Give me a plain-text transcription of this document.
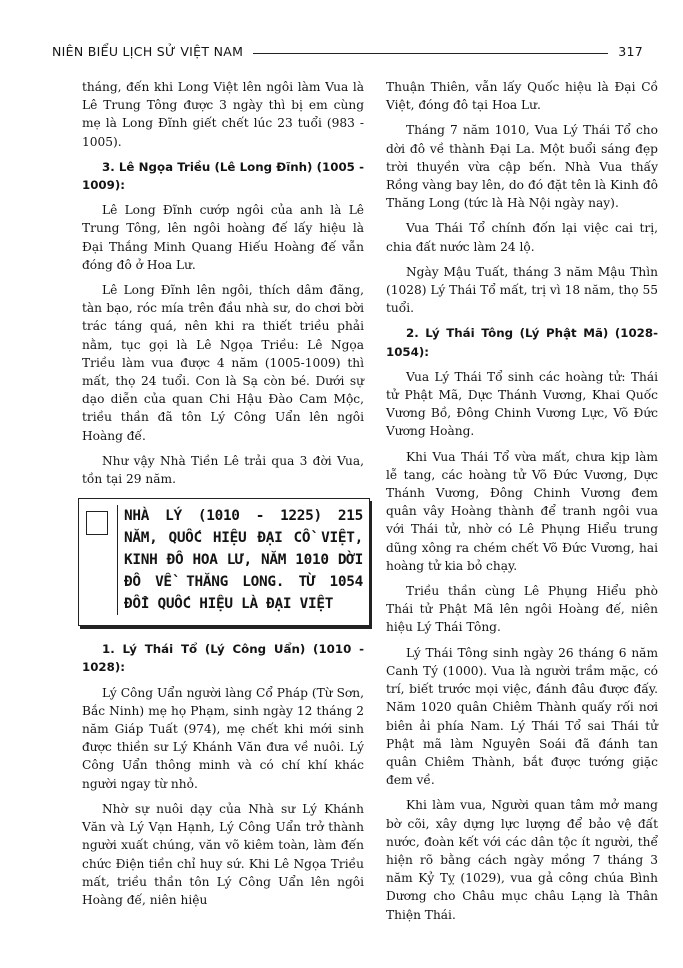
NIÊN BIỂU LỊCH SỬ VIỆT NAM	317

tháng, đến khi Long Việt lên ngôi làm Vua là Lê Trung Tông được 3 ngày thì bị em cùng mẹ là Long Đĩnh giết chết lúc 23 tuổi (983 - 1005).

3. Lê Ngọa Triều (Lê Long Đĩnh) (1005 - 1009):

Lê Long Đĩnh cướp ngôi của anh là Lê Trung Tông, lên ngôi hoàng đế lấy hiệu là Đại Thắng Minh Quang Hiếu Hoàng đế vẫn đóng đô ở Hoa Lư.

Lê Long Đĩnh lên ngôi, thích dâm đãng, tàn bạo, róc mía trên đầu nhà sư, do chơi bời trác táng quá, nên khi ra thiết triều phải nằm, tục gọi là Lê Ngọa Triều: Lê Ngọa Triều làm vua được 4 năm (1005-1009) thì mất, thọ 24 tuổi. Con là Sạ còn bé. Dưới sự dạo diễn của quan Chi Hậu Đào Cam Mộc, triều thần đã tôn Lý Công Uẩn lên ngôi Hoàng đế.

Như vậy Nhà Tiền Lê trải qua 3 đời Vua, tồn tại 29 năm.

NHÀ LÝ (1010 - 1225) 215 NĂM, QUỐC HIỆU ĐẠI CỒ VIỆT, KINH ĐÔ HOA LƯ, NĂM 1010 DỜI ĐÔ VỀ THĂNG LONG. TỪ 1054 ĐỔI QUỐC HIỆU LÀ ĐẠI VIỆT

1. Lý Thái Tổ (Lý Công Uẩn) (1010 - 1028):

Lý Công Uẩn người làng Cổ Pháp (Từ Sơn, Bắc Ninh) mẹ họ Phạm, sinh ngày 12 tháng 2 năm Giáp Tuất (974), mẹ chết khi mới sinh được thiền sư Lý Khánh Văn đưa về nuôi. Lý Công Uẩn thông minh và có chí khí khác người ngay từ nhỏ.

Nhờ sự nuôi dạy của Nhà sư Lý Khánh Văn và Lý Vạn Hạnh, Lý Công Uẩn trở thành người xuất chúng, văn võ kiêm toàn, làm đến chức Điện tiền chỉ huy sứ. Khi Lê Ngọa Triều mất, triều thần tôn Lý Công Uẩn lên ngôi Hoàng đế, niên hiệu

Thuận Thiên, vẫn lấy Quốc hiệu là Đại Cồ Việt, đóng đô tại Hoa Lư.

Tháng 7 năm 1010, Vua Lý Thái Tổ cho dời đô về thành Đại La. Một buổi sáng đẹp trời thuyền vừa cập bến. Nhà Vua thấy Rồng vàng bay lên, do đó đặt tên là Kinh đô Thăng Long (tức là Hà Nội ngày nay).

Vua Thái Tổ chính đốn lại việc cai trị, chia đất nước làm 24 lộ.

Ngày Mậu Tuất, tháng 3 năm Mậu Thìn (1028) Lý Thái Tổ mất, trị vì 18 năm, thọ 55 tuổi.

2. Lý Thái Tông (Lý Phật Mã) (1028-1054):

Vua Lý Thái Tổ sinh các hoàng tử: Thái tử Phật Mã, Dực Thánh Vương, Khai Quốc Vương Bồ, Đông Chinh Vương Lực, Võ Đức Vương Hoàng.

Khi Vua Thái Tổ vừa mất, chưa kịp làm lễ tang, các hoàng tử Võ Đức Vương, Dực Thánh Vương, Đông Chinh Vương đem quân vây Hoàng thành để tranh ngôi vua với Thái tử, nhờ có Lê Phụng Hiểu trung dũng xông ra chém chết Võ Đức Vương, hai hoàng tử kia bỏ chạy.

Triều thần cùng Lê Phụng Hiểu phò Thái tử Phật Mã lên ngôi Hoàng đế, niên hiệu Lý Thái Tông.

Lý Thái Tông sinh ngày 26 tháng 6 năm Canh Tý (1000). Vua là người trầm mặc, có trí, biết trước mọi việc, đánh đâu được đấy. Năm 1020 quân Chiêm Thành quấy rối nơi biên ải phía Nam. Lý Thái Tổ sai Thái tử Phật mã làm Nguyên Soái đã đánh tan quân Chiêm Thành, bắt được tướng giặc đem về.

Khi làm vua, Người quan tâm mở mang bờ cõi, xây dựng lực lượng để bảo vệ đất nước, đoàn kết với các dân tộc ít người, thể hiện rõ bằng cách ngày mồng 7 tháng 3 năm Kỷ Tỵ (1029), vua gả công chúa Bình Dương cho Châu mục châu Lạng là Thân Thiện Thái.
